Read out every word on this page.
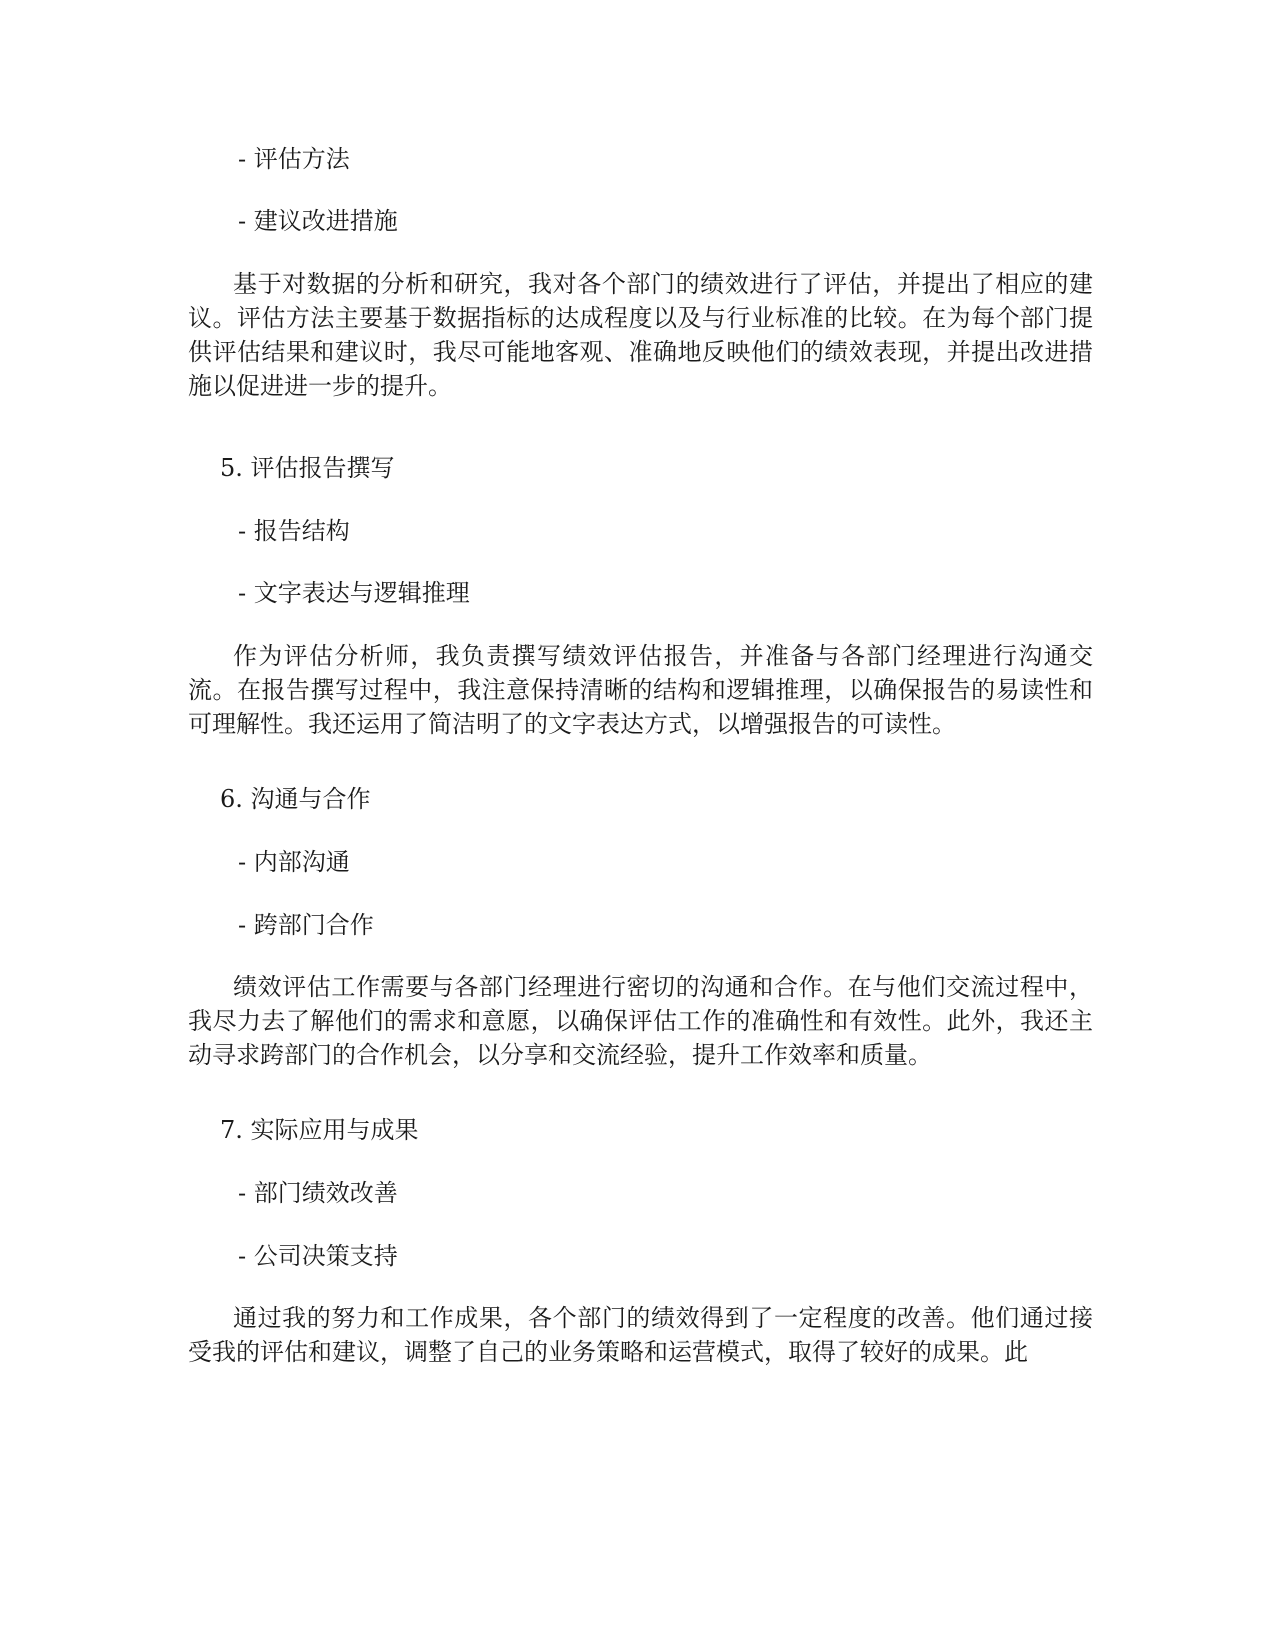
- 评估方法
- 建议改进措施
基于对数据的分析和研究，我对各个部门的绩效进行了评估，并提出了相应的建议。评估方法主要基于数据指标的达成程度以及与行业标准的比较。在为每个部门提供评估结果和建议时，我尽可能地客观、准确地反映他们的绩效表现，并提出改进措施以促进进一步的提升。
5. 评估报告撰写
- 报告结构
- 文字表达与逻辑推理
作为评估分析师，我负责撰写绩效评估报告，并准备与各部门经理进行沟通交流。在报告撰写过程中，我注意保持清晰的结构和逻辑推理，以确保报告的易读性和可理解性。我还运用了简洁明了的文字表达方式，以增强报告的可读性。
6. 沟通与合作
- 内部沟通
- 跨部门合作
绩效评估工作需要与各部门经理进行密切的沟通和合作。在与他们交流过程中，我尽力去了解他们的需求和意愿，以确保评估工作的准确性和有效性。此外，我还主动寻求跨部门的合作机会，以分享和交流经验，提升工作效率和质量。
7. 实际应用与成果
- 部门绩效改善
- 公司决策支持
通过我的努力和工作成果，各个部门的绩效得到了一定程度的改善。他们通过接受我的评估和建议，调整了自己的业务策略和运营模式，取得了较好的成果。此
